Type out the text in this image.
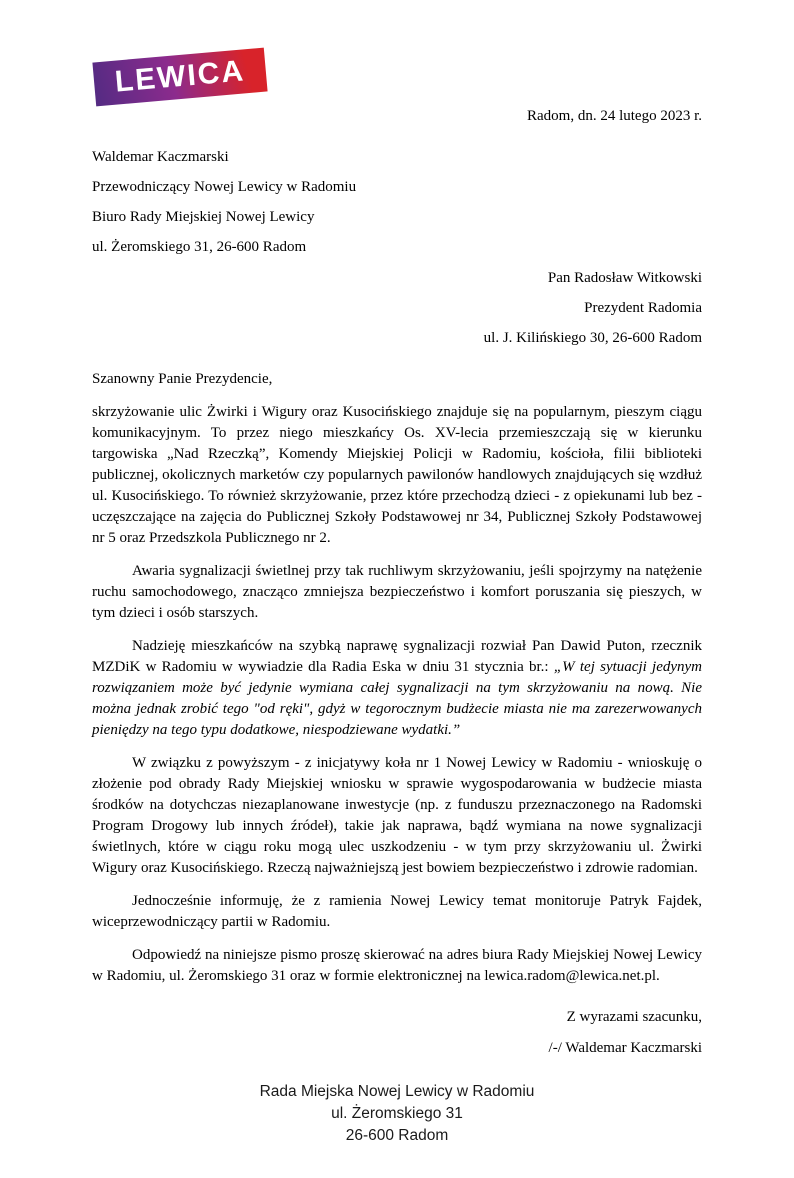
LEWICA
Radom, dn. 24 lutego 2023 r.

Waldemar Kaczmarski

Przewodniczący Nowej Lewicy w Radomiu

Biuro Rady Miejskiej Nowej Lewicy

ul. Żeromskiego 31, 26-600 Radom

Pan Radosław Witkowski

Prezydent Radomia

ul. J. Kilińskiego 30, 26-600 Radom

Szanowny Panie Prezydencie,

skrzyżowanie ulic Żwirki i Wigury oraz Kusocińskiego znajduje się na popularnym, pieszym ciągu komunikacyjnym. To przez niego mieszkańcy Os. XV-lecia przemieszczają się w kierunku targowiska „Nad Rzeczką”, Komendy Miejskiej Policji w Radomiu, kościoła, filii biblioteki publicznej, okolicznych marketów czy popularnych pawilonów handlowych znajdujących się wzdłuż ul. Kusocińskiego. To również skrzyżowanie, przez które przechodzą dzieci - z opiekunami lub bez - uczęszczające na zajęcia do Publicznej Szkoły Podstawowej nr 34, Publicznej Szkoły Podstawowej nr 5 oraz Przedszkola Publicznego nr 2.

Awaria sygnalizacji świetlnej przy tak ruchliwym skrzyżowaniu, jeśli spojrzymy na natężenie ruchu samochodowego, znacząco zmniejsza bezpieczeństwo i komfort poruszania się pieszych, w tym dzieci i osób starszych.

Nadzieję mieszkańców na szybką naprawę sygnalizacji rozwiał Pan Dawid Puton, rzecznik MZDiK w Radomiu w wywiadzie dla Radia Eska w dniu 31 stycznia br.: „W tej sytuacji jedynym rozwiązaniem może być jedynie wymiana całej sygnalizacji na tym skrzyżowaniu na nową. Nie można jednak zrobić tego "od ręki", gdyż w tegorocznym budżecie miasta nie ma zarezerwowanych pieniędzy na tego typu dodatkowe, niespodziewane wydatki.”

W związku z powyższym - z inicjatywy koła nr 1 Nowej Lewicy w Radomiu - wnioskuję o złożenie pod obrady Rady Miejskiej wniosku w sprawie wygospodarowania w budżecie miasta środków na dotychczas niezaplanowane inwestycje (np. z funduszu przeznaczonego na Radomski Program Drogowy lub innych źródeł), takie jak naprawa, bądź wymiana na nowe sygnalizacji świetlnych, które w ciągu roku mogą ulec uszkodzeniu - w tym przy skrzyżowaniu ul. Żwirki Wigury oraz Kusocińskiego. Rzeczą najważniejszą jest bowiem bezpieczeństwo i zdrowie radomian.

Jednocześnie informuję, że z ramienia Nowej Lewicy temat monitoruje Patryk Fajdek, wiceprzewodniczący partii w Radomiu.

Odpowiedź na niniejsze pismo proszę skierować na adres biura Rady Miejskiej Nowej Lewicy w Radomiu, ul. Żeromskiego 31 oraz w formie elektronicznej na lewica.radom@lewica.net.pl.

Z wyrazami szacunku,

/-/ Waldemar Kaczmarski

Rada Miejska Nowej Lewicy w Radomiu

ul. Żeromskiego 31

26-600 Radom
